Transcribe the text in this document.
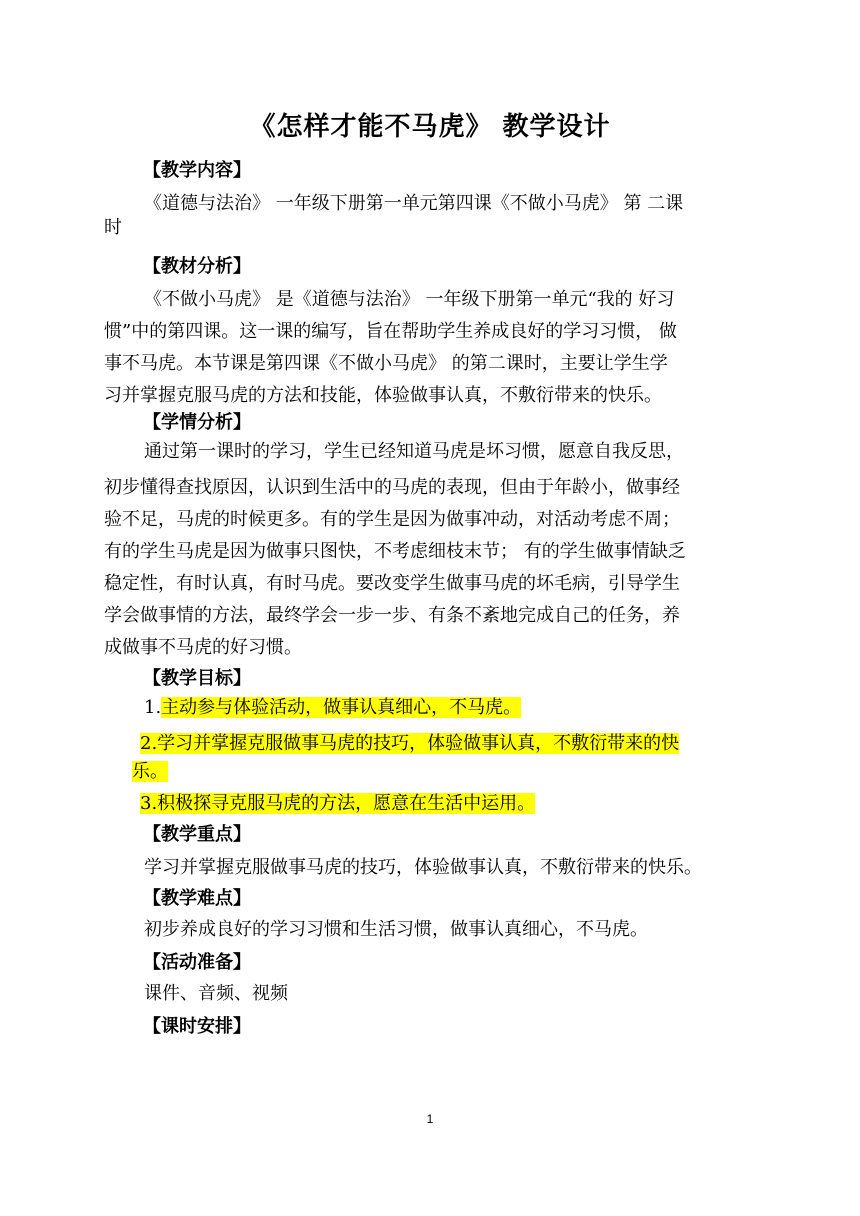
《怎样才能不马虎》 教学设计
【教学内容】
《道德与法治》 一年级下册第一单元第四课《不做小马虎》 第 二课
时
【教材分析】
《不做小马虎》 是《道德与法治》 一年级下册第一单元“我的 好习
惯”中的第四课。这一课的编写，旨在帮助学生养成良好的学习习惯， 做
事不马虎。本节课是第四课《不做小马虎》 的第二课时，主要让学生学
习并掌握克服马虎的方法和技能，体验做事认真，不敷衍带来的快乐。
【学情分析】
通过第一课时的学习，学生已经知道马虎是坏习惯，愿意自我反思，
初步懂得查找原因，认识到生活中的马虎的表现，但由于年龄小，做事经
验不足，马虎的时候更多。有的学生是因为做事冲动，对活动考虑不周；
有的学生马虎是因为做事只图快，不考虑细枝末节； 有的学生做事情缺乏
稳定性，有时认真，有时马虎。要改变学生做事马虎的坏毛病，引导学生
学会做事情的方法，最终学会一步一步、有条不紊地完成自己的任务，养
成做事不马虎的好习惯。
【教学目标】
1.主动参与体验活动，做事认真细心，不马虎。
2.学习并掌握克服做事马虎的技巧，体验做事认真，不敷衍带来的快
乐。
3.积极探寻克服马虎的方法，愿意在生活中运用。
【教学重点】
学习并掌握克服做事马虎的技巧，体验做事认真，不敷衍带来的快乐。
【教学难点】
初步养成良好的学习习惯和生活习惯，做事认真细心，不马虎。
【活动准备】
课件、音频、视频
【课时安排】
1
